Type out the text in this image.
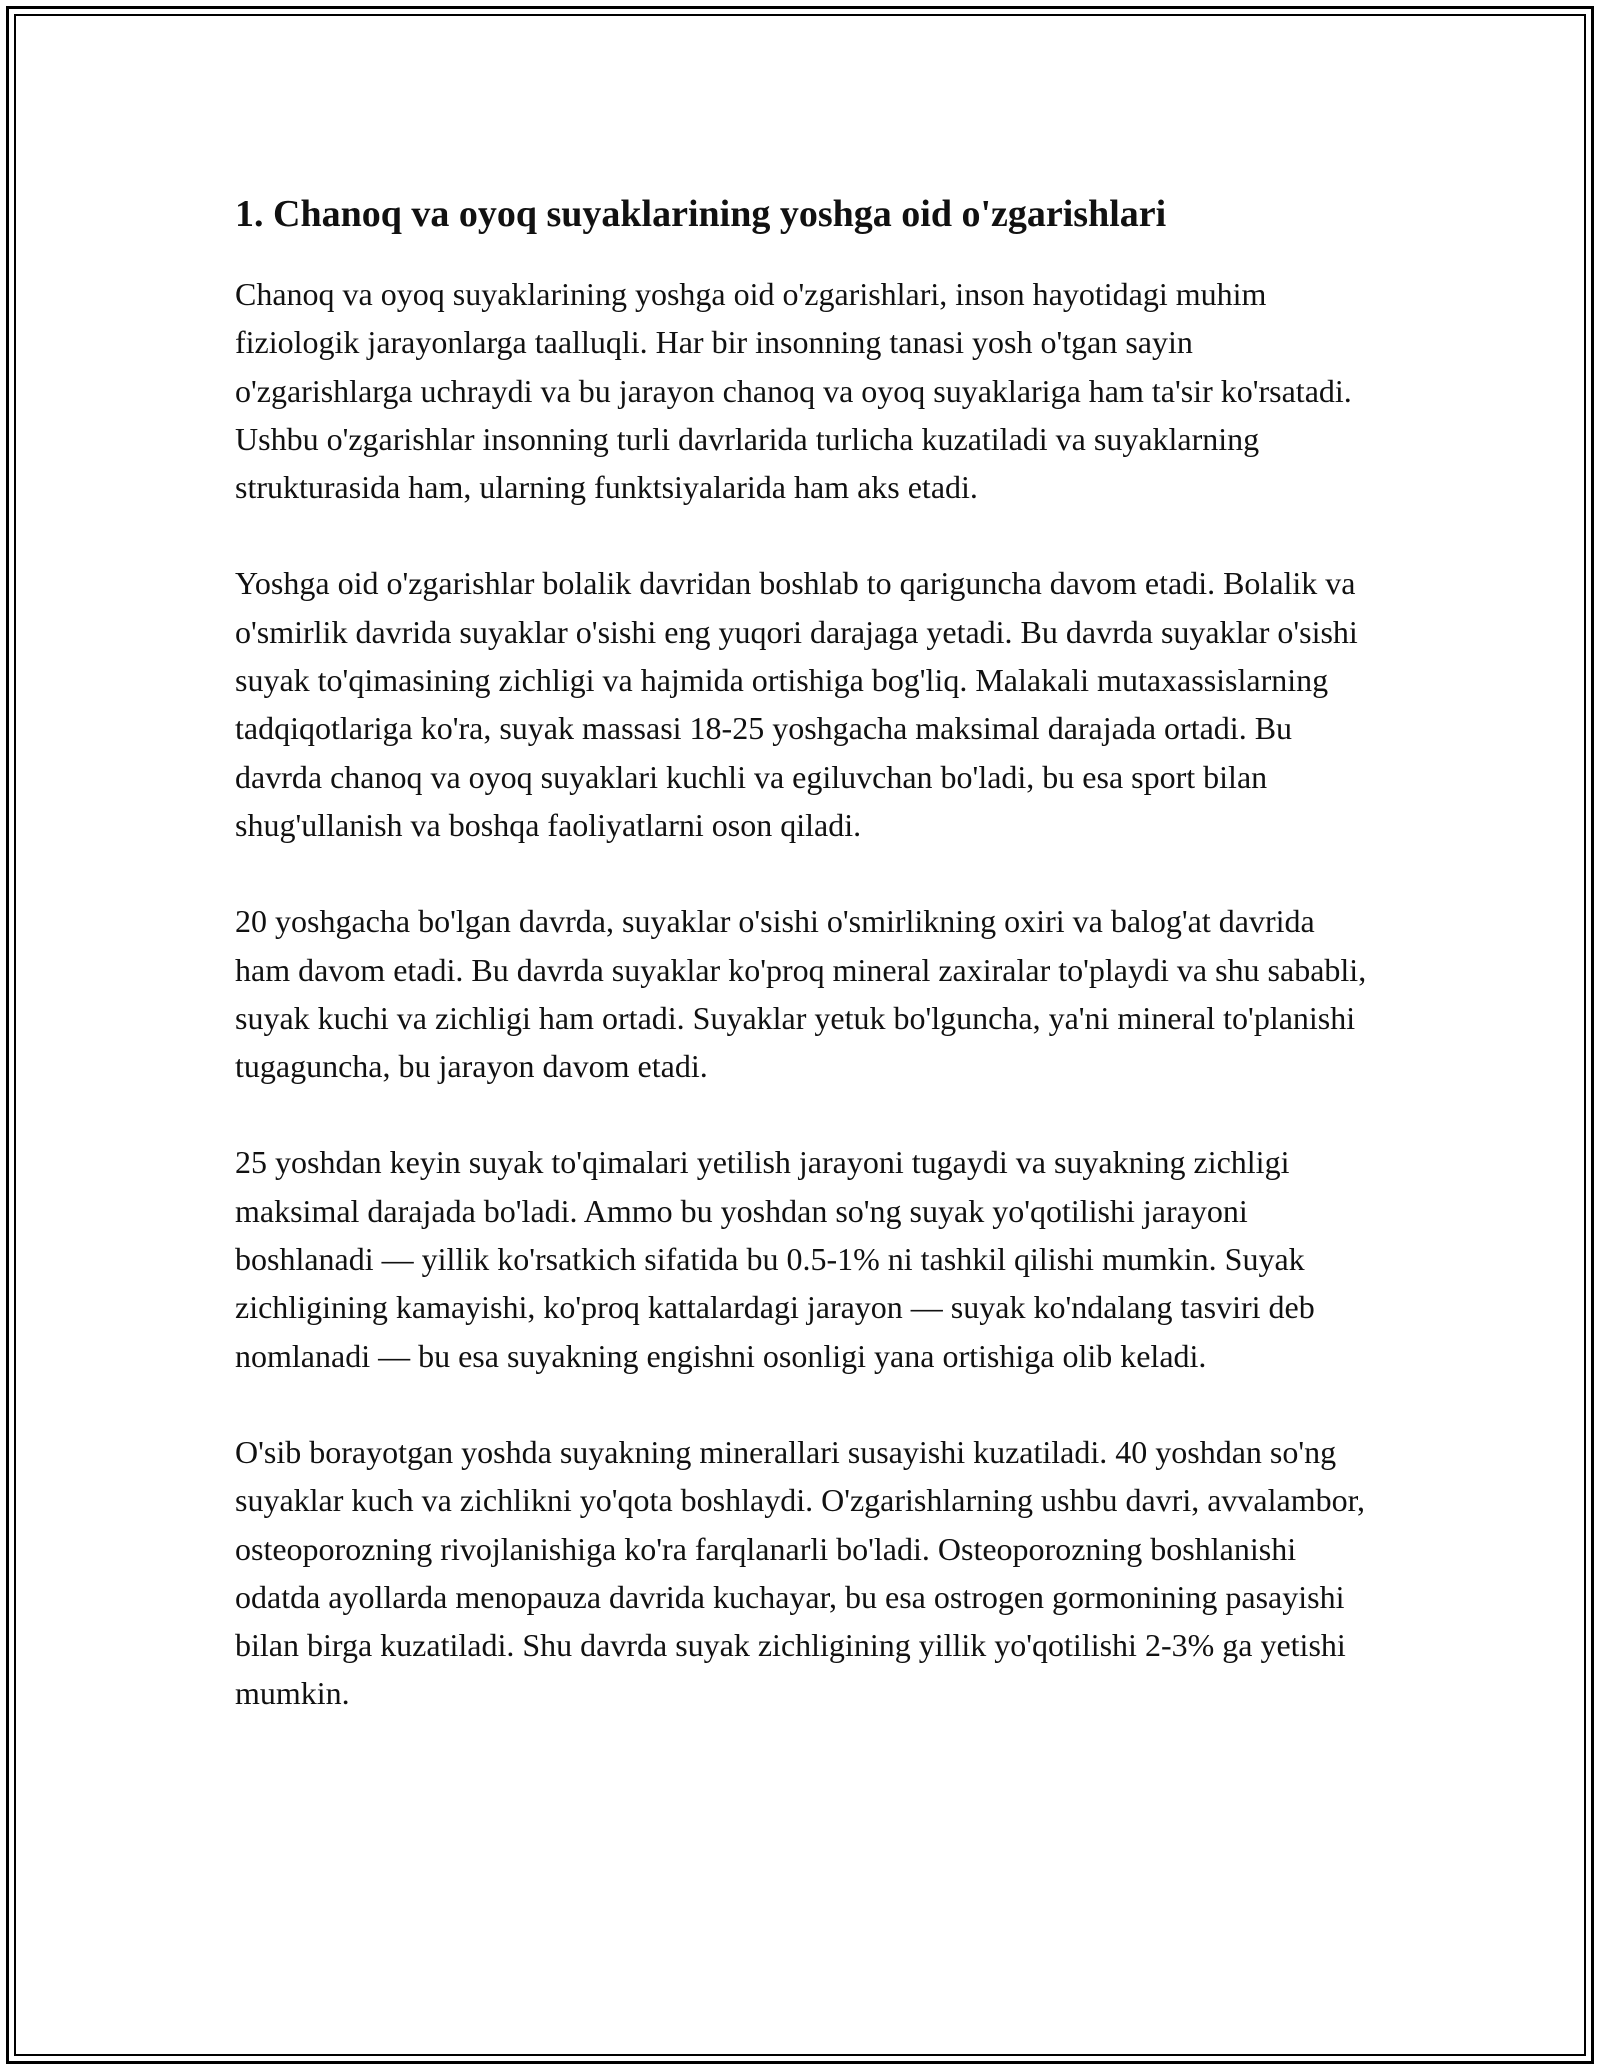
1. Chanoq va oyoq suyaklarining yoshga oid o'zgarishlari

Chanoq va oyoq suyaklarining yoshga oid o'zgarishlari, inson hayotidagi muhim fiziologik jarayonlarga taalluqli. Har bir insonning tanasi yosh o'tgan sayin o'zgarishlarga uchraydi va bu jarayon chanoq va oyoq suyaklariga ham ta'sir ko'rsatadi. Ushbu o'zgarishlar insonning turli davrlarida turlicha kuzatiladi va suyaklarning strukturasida ham, ularning funktsiyalarida ham aks etadi.

Yoshga oid o'zgarishlar bolalik davridan boshlab to qariguncha davom etadi. Bolalik va o'smirlik davrida suyaklar o'sishi eng yuqori darajaga yetadi. Bu davrda suyaklar o'sishi suyak to'qimasining zichligi va hajmida ortishiga bog'liq. Malakali mutaxassislarning tadqiqotlariga ko'ra, suyak massasi 18-25 yoshgacha maksimal darajada ortadi. Bu davrda chanoq va oyoq suyaklari kuchli va egiluvchan bo'ladi, bu esa sport bilan shug'ullanish va boshqa faoliyatlarni oson qiladi.

20 yoshgacha bo'lgan davrda, suyaklar o'sishi o'smirlikning oxiri va balog'at davrida ham davom etadi. Bu davrda suyaklar ko'proq mineral zaxiralar to'playdi va shu sababli, suyak kuchi va zichligi ham ortadi. Suyaklar yetuk bo'lguncha, ya'ni mineral to'planishi tugaguncha, bu jarayon davom etadi.

25 yoshdan keyin suyak to'qimalari yetilish jarayoni tugaydi va suyakning zichligi maksimal darajada bo'ladi. Ammo bu yoshdan so'ng suyak yo'qotilishi jarayoni boshlanadi — yillik ko'rsatkich sifatida bu 0.5-1% ni tashkil qilishi mumkin. Suyak zichligining kamayishi, ko'proq kattalardagi jarayon — suyak ko'ndalang tasviri deb nomlanadi — bu esa suyakning engishni osonligi yana ortishiga olib keladi.

O'sib borayotgan yoshda suyakning minerallari susayishi kuzatiladi. 40 yoshdan so'ng suyaklar kuch va zichlikni yo'qota boshlaydi. O'zgarishlarning ushbu davri, avvalambor, osteoporozning rivojlanishiga ko'ra farqlanarli bo'ladi. Osteoporozning boshlanishi odatda ayollarda menopauza davrida kuchayar, bu esa ostrogen gormonining pasayishi bilan birga kuzatiladi. Shu davrda suyak zichligining yillik yo'qotilishi 2-3% ga yetishi mumkin.
